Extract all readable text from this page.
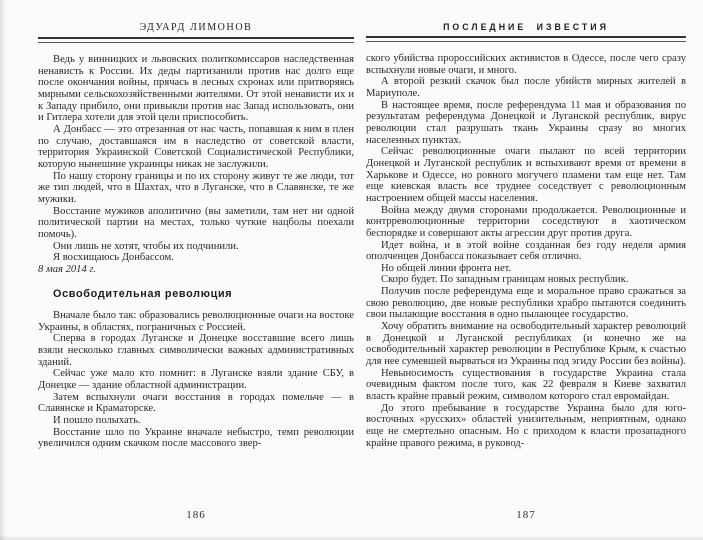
ЭДУАРД ЛИМОНОВ

Ведь у винницких и львовских политкомиссаров наследственная ненависть к России. Их деды партизанили против нас долго еще после окончания войны, прячась в лесных схронах или притворяясь мирными сельскохозяйственными жителями. От этой ненависти их и к Западу прибило, они привыкли против нас Запад использовать, они и Гитлера хотели для этой цели приспособить.

А Донбасс — это отрезанная от нас часть, попавшая к ним в плен по случаю, доставшаяся им в наследство от советской власти, территория Украинской Советской Социалистической Республики, которую нынешние украинцы никак не заслужили.

По нашу сторону границы и по их сторону живут те же люди, тот же тип людей, что в Шахтах, что в Луганске, что в Славянске, те же мужики.

Восстание мужиков аполитично (вы заметили, там нет ни одной политической партии на местах, только чуткие нацболы поехали помочь).

Они лишь не хотят, чтобы их подчинили.

Я восхищаюсь Донбассом.

8 мая 2014 г.

Освободительная революция

Вначале было так: образовались революционные очаги на востоке Украины, в областях, пограничных с Россией.

Сперва в городах Луганске и Донецке восставшие всего лишь взяли несколько главных символически важных административных зданий.

Сейчас уже мало кто помнит: в Луганске взяли здание СБУ, в Донецке — здание областной администрации.

Затем вспыхнули очаги восстания в городах помельче — в Славянске и Краматорске.

И пошло полыхать.

Восстание шло по Украине вначале небыстро, темп революции увеличился одним скачком после массового звер-

186
ПОСЛЕДНИЕ ИЗВЕСТИЯ

ского убийства пророссийских активистов в Одессе, после чего сразу вспыхнули новые очаги, и много.

А второй резкий скачок был после убийств мирных жителей в Мариуполе.

В настоящее время, после референдума 11 мая и образования по результатам референдума Донецкой и Луганской республик, вирус революции стал разрушать ткань Украины сразу во многих населенных пунктах.

Сейчас революционные очаги пылают по всей территории Донецкой и Луганской республик и вспыхивают время от времени в Харькове и Одессе, но ровного могучего пламени там еще нет. Там еще киевская власть все труднее соседствует с революционным настроением общей массы населения.

Война между двумя сторонами продолжается. Революционные и контрреволюционные территории соседствуют в хаотическом беспорядке и совершают акты агрессии друг против друга.

Идет война, и в этой войне созданная без году неделя армия ополченцев Донбасса показывает себя отлично.

Но общей линии фронта нет.

Скоро будет. По западным границам новых республик.

Получив после референдума еще и моральное право сражаться за свою революцию, две новые республики храбро пытаются соединить свои пылающие восстания в одно пылающее государство.

Хочу обратить внимание на освободительный характер революций в Донецкой и Луганской республиках (и конечно же на освободительный характер революции в Республике Крым, к счастью для нее сумевшей вырваться из Украины под эгиду России без войны).

Невыносимость существования в государстве Украина стала очевидным фактом после того, как 22 февраля в Киеве захватил власть крайне правый режим, символом которого стал евромайдан.

До этого пребывание в государстве Украина было для юго-восточных «русских» областей унизительным, неприятным, однако еще не смертельно опасным. Но с приходом к власти прозападного крайне правого режима, в руковод-

187
